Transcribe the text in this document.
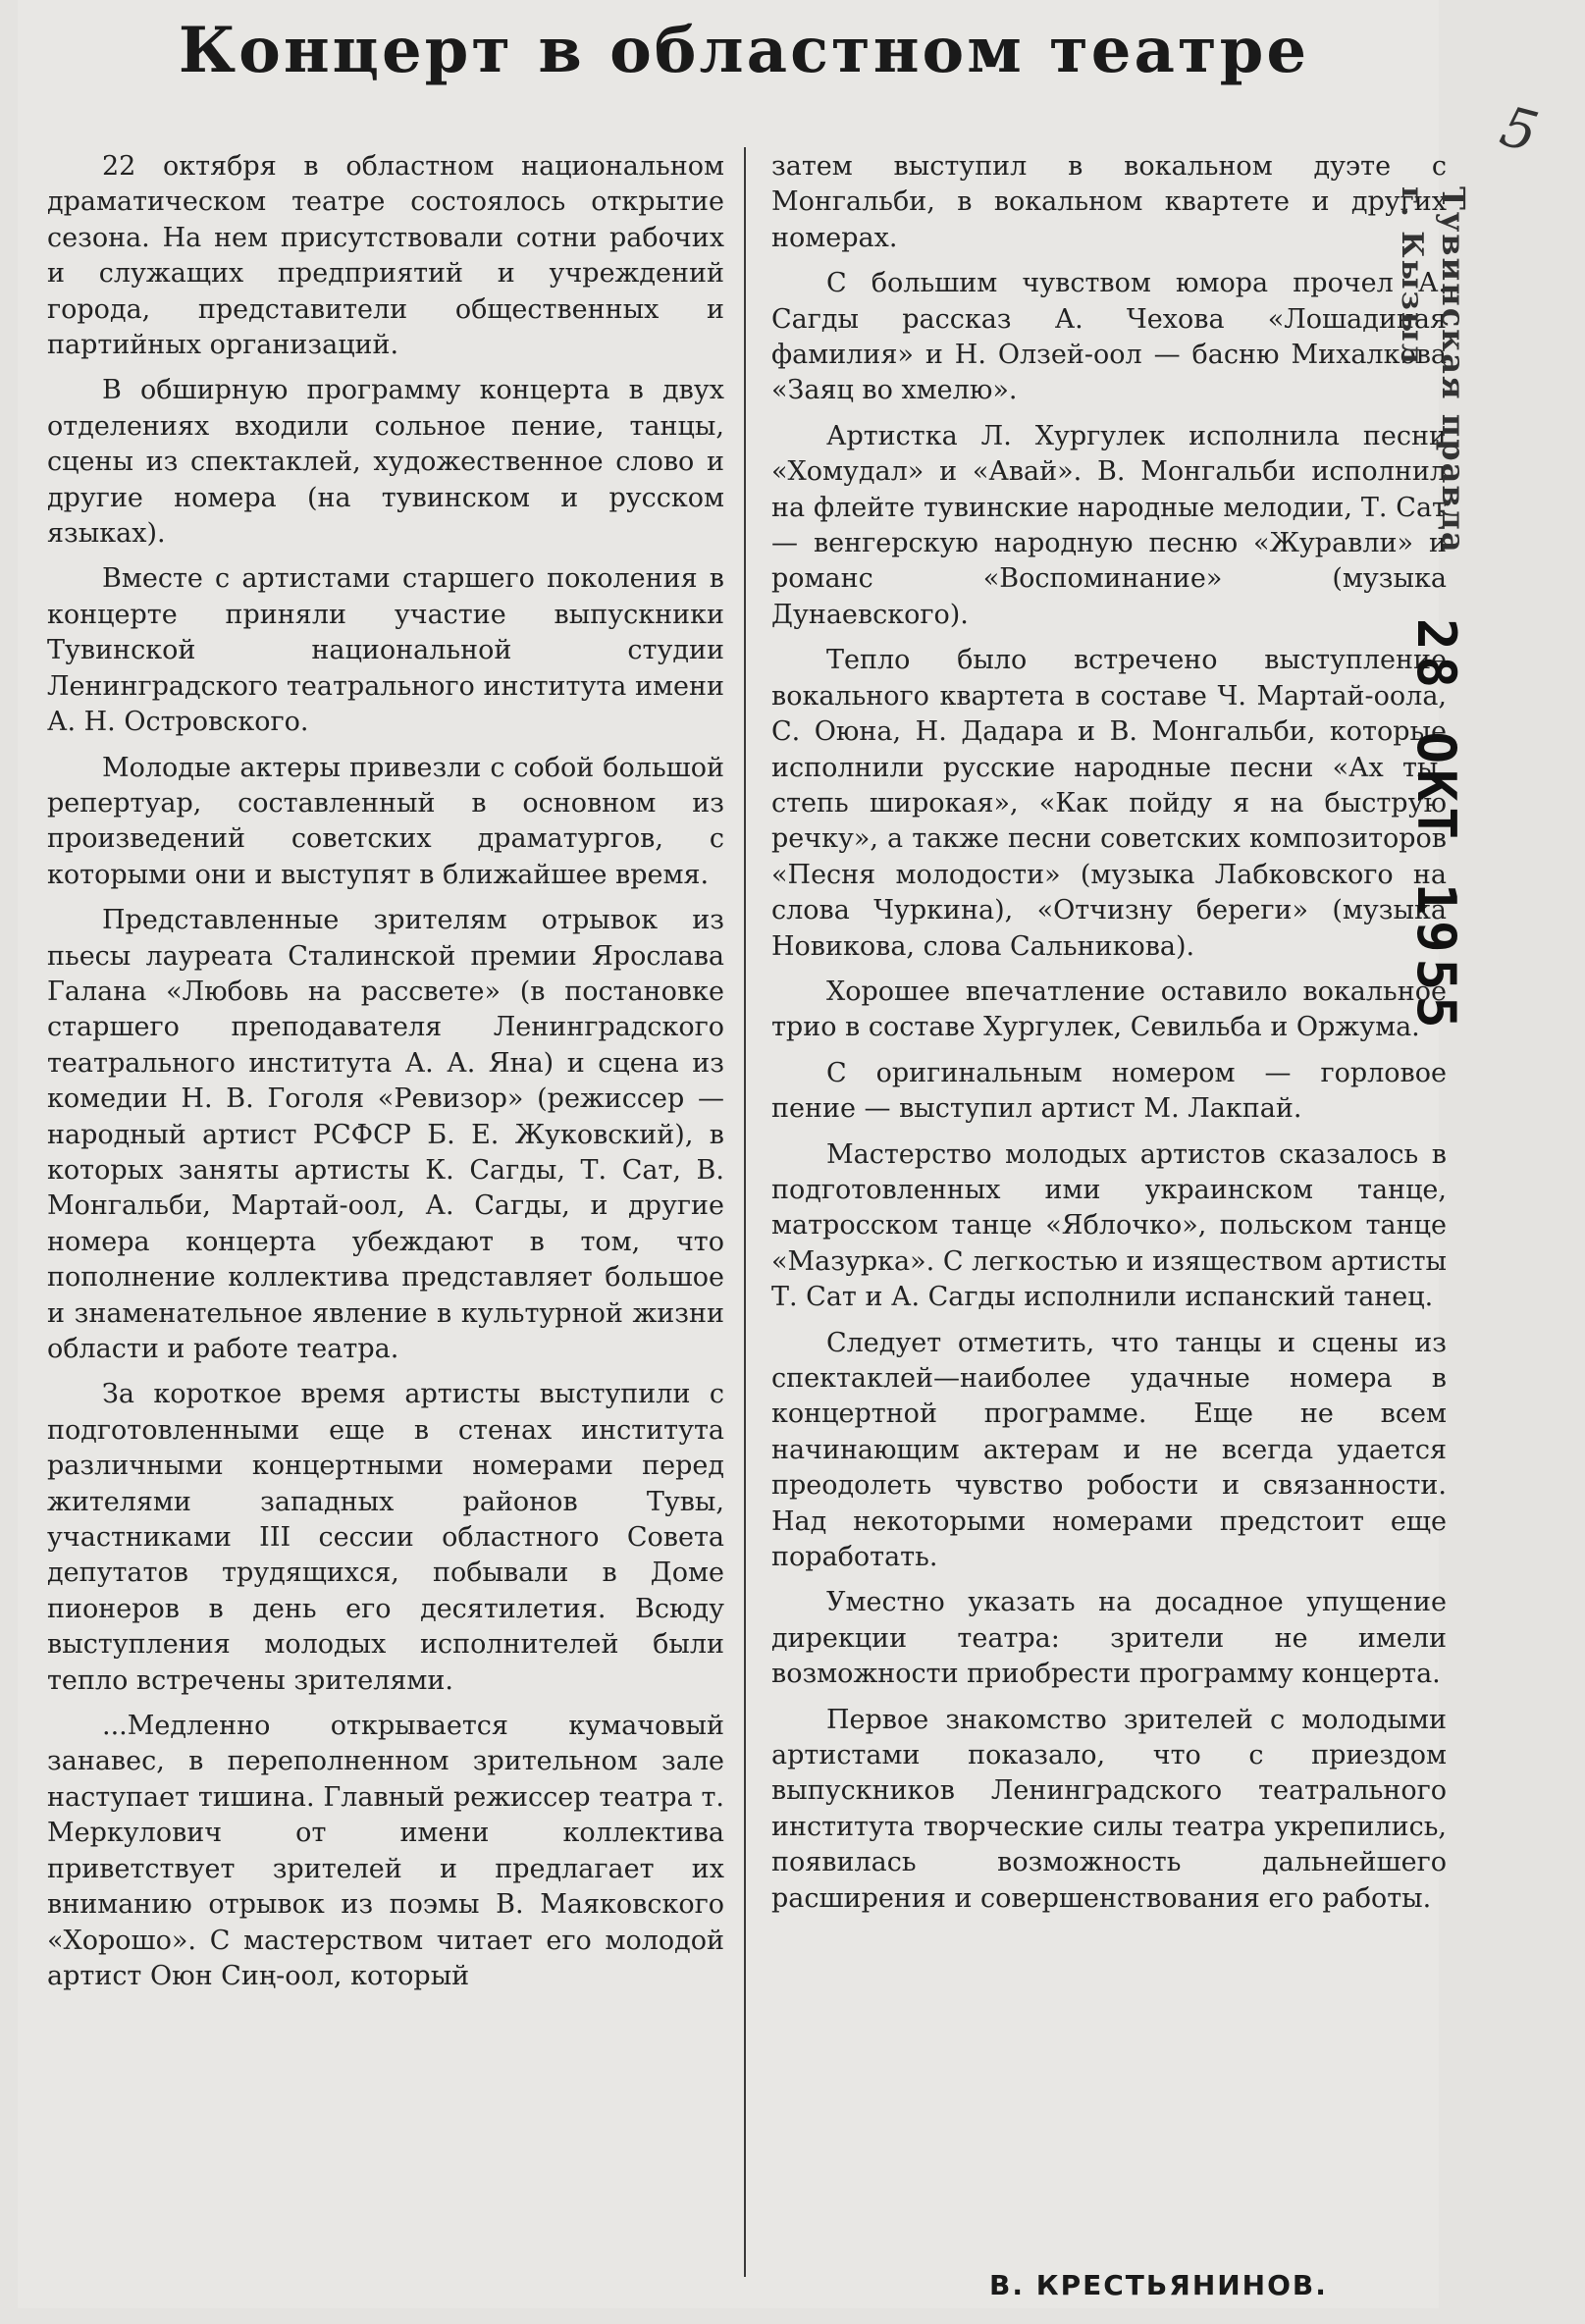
Концерт в областном театре

22 октября в областном национальном драматическом театре состоялось открытие сезона. На нем присутствовали сотни рабочих и служащих предприятий и учреждений города, представители общественных и партийных организаций.

В обширную программу концерта в двух отделениях входили сольное пение, танцы, сцены из спектаклей, художественное слово и другие номера (на тувинском и русском языках).

Вместе с артистами старшего поколения в концерте приняли участие выпускники Тувинской национальной студии Ленинградского театрального института имени А. Н. Островского.

Молодые актеры привезли с собой большой репертуар, составленный в основном из произведений советских драматургов, с которыми они и выступят в ближайшее время.

Представленные зрителям отрывок из пьесы лауреата Сталинской премии Ярослава Галана «Любовь на рассвете» (в постановке старшего преподавателя Ленинградского театрального института А. А. Яна) и сцена из комедии Н. В. Гоголя «Ревизор» (режиссер — народный артист РСФСР Б. Е. Жуковский), в которых заняты артисты К. Сагды, Т. Сат, В. Монгальби, Мартай-оол, А. Сагды, и другие номера концерта убеждают в том, что пополнение коллектива представляет большое и знаменательное явление в культурной жизни области и работе театра.

За короткое время артисты выступили с подготовленными еще в стенах института различными концертными номерами перед жителями западных районов Тувы, участниками III сессии областного Совета депутатов трудящихся, побывали в Доме пионеров в день его десятилетия. Всюду выступления молодых исполнителей были тепло встречены зрителями.

...Медленно открывается кумачовый занавес, в переполненном зрительном зале наступает тишина. Главный режиссер театра т. Меркулович от имени коллектива приветствует зрителей и предлагает их вниманию отрывок из поэмы В. Маяковского «Хорошо». С мастерством читает его молодой артист Оюн Сиң-оол, который

затем выступил в вокальном дуэте с Монгальби, в вокальном квартете и других номерах.

С большим чувством юмора прочел А. Сагды рассказ А. Чехова «Лошадиная фамилия» и Н. Олзей-оол — басню Михалкова «Заяц во хмелю».

Артистка Л. Хургулек исполнила песни «Хомудал» и «Авай». В. Монгальби исполнил на флейте тувинские народные мелодии, Т. Сат — венгерскую народную песню «Журавли» и романс «Воспоминание» (музыка Дунаевского).

Тепло было встречено выступление вокального квартета в составе Ч. Мартай-оола, С. Оюна, Н. Дадара и В. Монгальби, которые исполнили русские народные песни «Ах ты, степь широкая», «Как пойду я на быструю речку», а также песни советских композиторов «Песня молодости» (музыка Лабковского на слова Чуркина), «Отчизну береги» (музыка Новикова, слова Сальникова).

Хорошее впечатление оставило вокальное трио в составе Хургулек, Севильба и Оржума.

С оригинальным номером — горловое пение — выступил артист М. Лакпай.

Мастерство молодых артистов сказалось в подготовленных ими украинском танце, матросском танце «Яблочко», польском танце «Мазурка». С легкостью и изяществом артисты Т. Сат и А. Сагды исполнили испанский танец.

Следует отметить, что танцы и сцены из спектаклей—наиболее удачные номера в концертной программе. Еще не всем начинающим актерам и не всегда удается преодолеть чувство робости и связанности. Над некоторыми номерами предстоит еще поработать.

Уместно указать на досадное упущение дирекции театра: зрители не имели возможности приобрести программу концерта.

Первое знакомство зрителей с молодыми артистами показало, что с приездом выпускников Ленинградского театрального института творческие силы театра укрепились, появилась возможность дальнейшего расширения и совершенствования его работы.

В. КРЕСТЬЯНИНОВ.

5
Тувинская правда
г. Кызыл
28 ОКТ 1955
